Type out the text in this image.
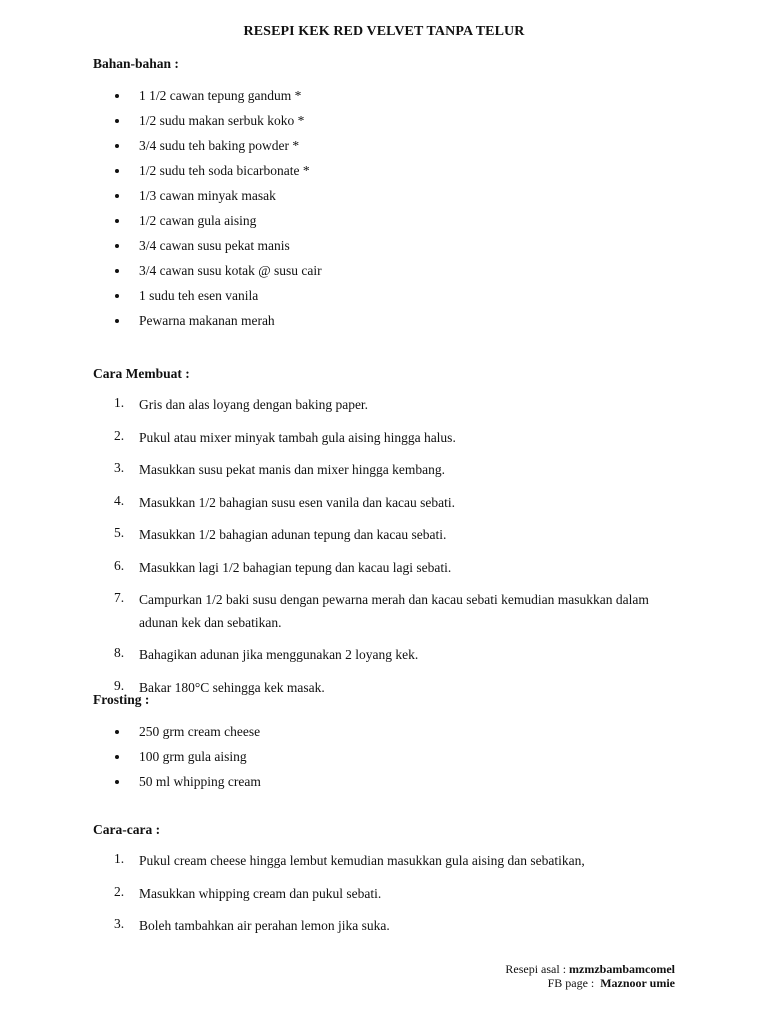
RESEPI KEK RED VELVET TANPA TELUR
Bahan-bahan :
1 1/2 cawan tepung gandum *
1/2 sudu makan serbuk koko *
3/4 sudu teh baking powder *
1/2 sudu teh soda bicarbonate *
1/3 cawan minyak masak
1/2 cawan gula aising
3/4 cawan susu pekat manis
3/4 cawan susu kotak @ susu cair
1 sudu teh esen vanila
Pewarna makanan merah
Cara Membuat :
1. Gris dan alas loyang dengan baking paper.
2. Pukul atau mixer minyak tambah gula aising hingga halus.
3. Masukkan susu pekat manis dan mixer hingga kembang.
4. Masukkan 1/2 bahagian susu esen vanila dan kacau sebati.
5. Masukkan 1/2 bahagian adunan tepung dan kacau sebati.
6. Masukkan lagi 1/2 bahagian tepung dan kacau lagi sebati.
7. Campurkan 1/2 baki susu dengan pewarna merah dan kacau sebati kemudian masukkan dalam adunan kek dan sebatikan.
8. Bahagikan adunan jika menggunakan 2 loyang kek.
9. Bakar 180°C sehingga kek masak.
Frosting :
250 grm cream cheese
100 grm gula aising
50 ml whipping cream
Cara-cara :
1. Pukul cream cheese hingga lembut kemudian masukkan gula aising dan sebatikan,
2. Masukkan whipping cream dan pukul sebati.
3. Boleh tambahkan air perahan lemon jika suka.
Resepi asal : mzmzbambamcomel
FB page : Maznoor umie
